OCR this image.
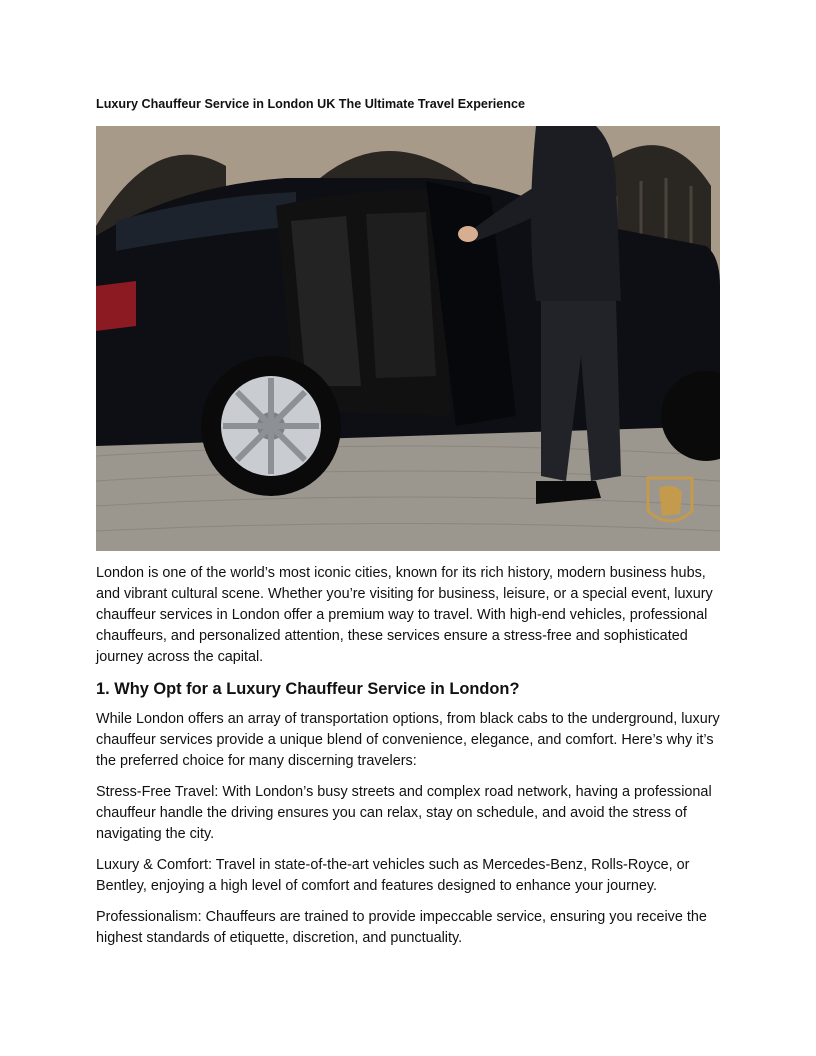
Luxury Chauffeur Service in London UK The Ultimate Travel Experience

London is one of the world’s most iconic cities, known for its rich history, modern business hubs, and vibrant cultural scene. Whether you’re visiting for business, leisure, or a special event, luxury chauffeur services in London offer a premium way to travel. With high-end vehicles, professional chauffeurs, and personalized attention, these services ensure a stress-free and sophisticated journey across the capital.

1. Why Opt for a Luxury Chauffeur Service in London?

While London offers an array of transportation options, from black cabs to the underground, luxury chauffeur services provide a unique blend of convenience, elegance, and comfort. Here’s why it’s the preferred choice for many discerning travelers:

Stress-Free Travel: With London’s busy streets and complex road network, having a professional chauffeur handle the driving ensures you can relax, stay on schedule, and avoid the stress of navigating the city.

Luxury & Comfort: Travel in state-of-the-art vehicles such as Mercedes-Benz, Rolls-Royce, or Bentley, enjoying a high level of comfort and features designed to enhance your journey.

Professionalism: Chauffeurs are trained to provide impeccable service, ensuring you receive the highest standards of etiquette, discretion, and punctuality.
